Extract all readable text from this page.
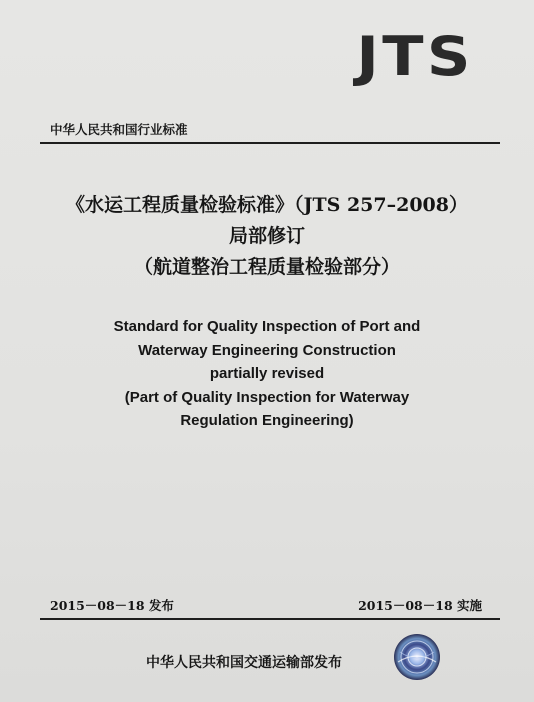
JTS
中华人民共和国行业标准

《水运工程质量检验标准》（JTS 257–2008）

局部修订

（航道整治工程质量检验部分）

Standard for Quality Inspection of Port and

Waterway Engineering Construction

partially revised

(Part of Quality Inspection for Waterway

Regulation Engineering)

2015－08－18 发布	2015－08－18 实施
中华人民共和国交通运输部发布
